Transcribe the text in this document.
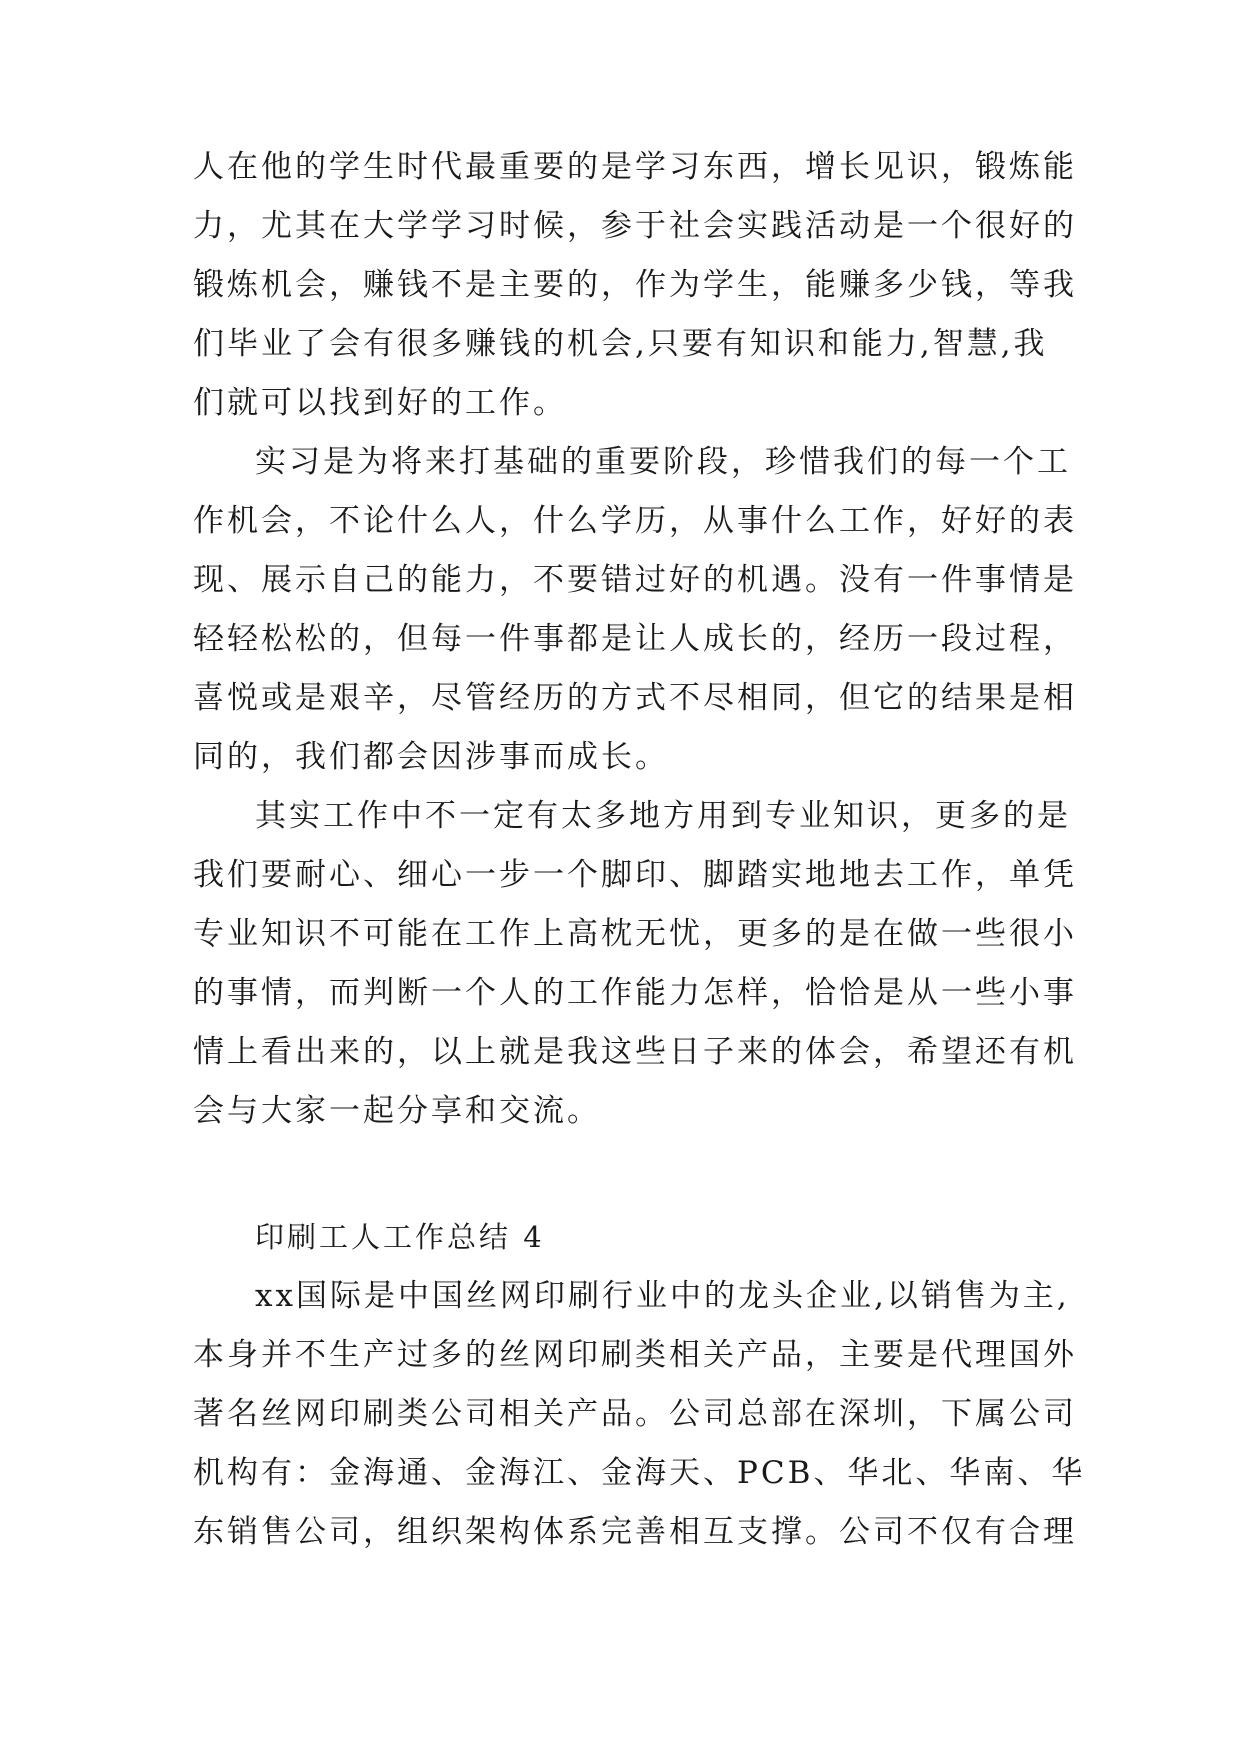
人在他的学生时代最重要的是学习东西，增长见识，锻炼能
力，尤其在大学学习时候，参于社会实践活动是一个很好的
锻炼机会，赚钱不是主要的，作为学生，能赚多少钱，等我
们毕业了会有很多赚钱的机会,只要有知识和能力,智慧,我
们就可以找到好的工作。
实习是为将来打基础的重要阶段，珍惜我们的每一个工
作机会，不论什么人，什么学历，从事什么工作，好好的表
现、展示自己的能力，不要错过好的机遇。没有一件事情是
轻轻松松的，但每一件事都是让人成长的，经历一段过程，
喜悦或是艰辛，尽管经历的方式不尽相同，但它的结果是相
同的，我们都会因涉事而成长。
其实工作中不一定有太多地方用到专业知识，更多的是
我们要耐心、细心一步一个脚印、脚踏实地地去工作，单凭
专业知识不可能在工作上高枕无忧，更多的是在做一些很小
的事情，而判断一个人的工作能力怎样，恰恰是从一些小事
情上看出来的，以上就是我这些日子来的体会，希望还有机
会与大家一起分享和交流。
印刷工人工作总结 4
xx国际是中国丝网印刷行业中的龙头企业,以销售为主,
本身并不生产过多的丝网印刷类相关产品，主要是代理国外
著名丝网印刷类公司相关产品。公司总部在深圳，下属公司
机构有：金海通、金海江、金海天、PCB、华北、华南、华
东销售公司，组织架构体系完善相互支撑。公司不仅有合理
